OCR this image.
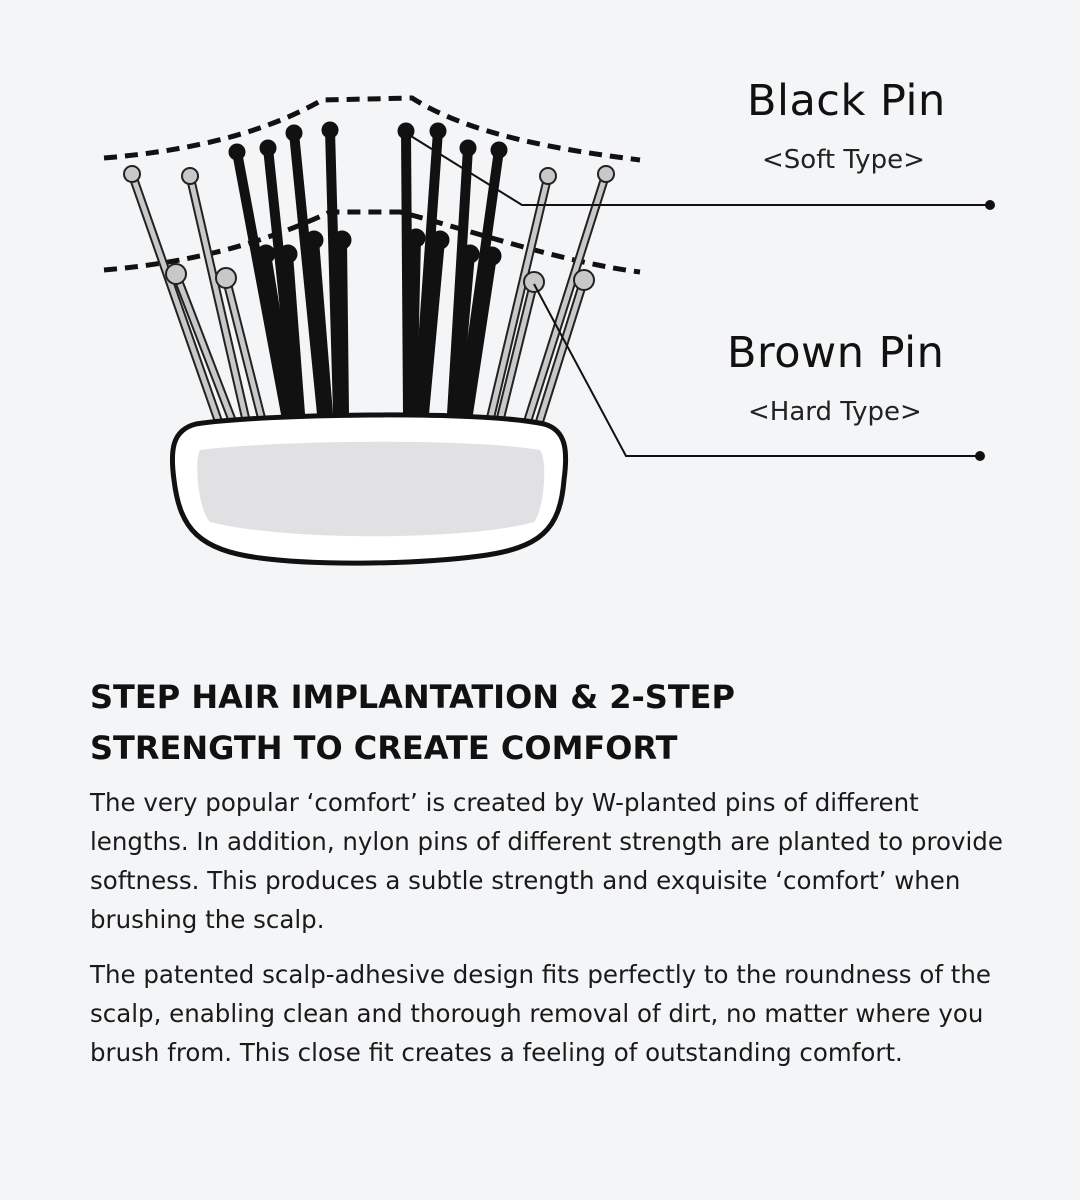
Black Pin
<Soft Type>
Brown Pin
<Hard Type>
STEP HAIR IMPLANTATION & 2-STEP
STRENGTH TO CREATE COMFORT

The very popular ‘comfort’ is created by W-planted pins of different lengths. In addition, nylon pins of different strength are planted to provide softness. This produces a subtle strength and exquisite ‘comfort’ when brushing the scalp.

The patented scalp-adhesive design fits perfectly to the roundness of the scalp, enabling clean and thorough removal of dirt, no matter where you brush from. This close fit creates a feeling of outstanding comfort.
